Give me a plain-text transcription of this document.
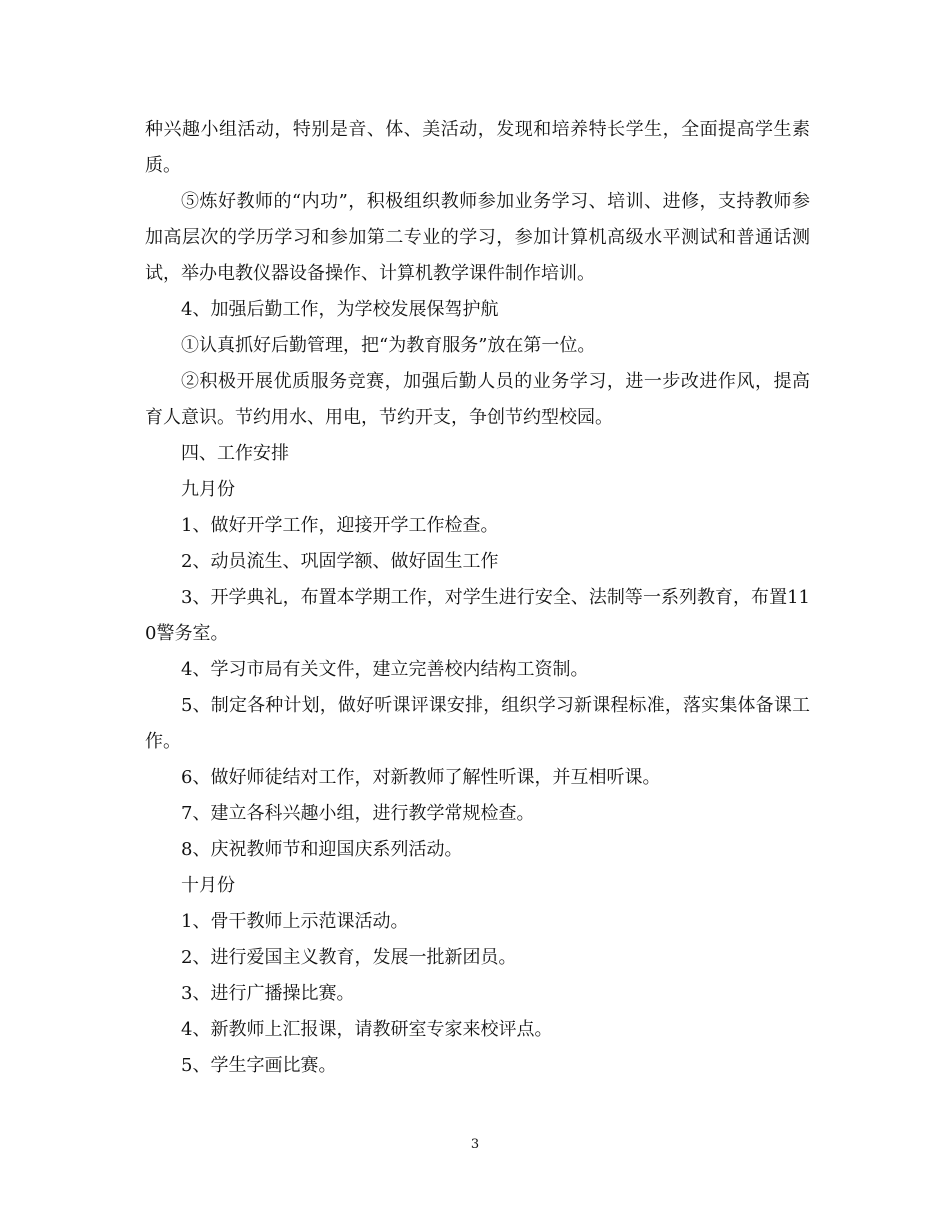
种兴趣小组活动，特别是音、体、美活动，发现和培养特长学生，全面提高学生素质。

⑤炼好教师的“内功”，积极组织教师参加业务学习、培训、进修，支持教师参加高层次的学历学习和参加第二专业的学习，参加计算机高级水平测试和普通话测试，举办电教仪器设备操作、计算机教学课件制作培训。

4、加强后勤工作，为学校发展保驾护航

①认真抓好后勤管理，把“为教育服务”放在第一位。

②积极开展优质服务竞赛，加强后勤人员的业务学习，进一步改进作风，提高育人意识。节约用水、用电，节约开支，争创节约型校园。

四、工作安排

九月份

1、做好开学工作，迎接开学工作检查。

2、动员流生、巩固学额、做好固生工作

3、开学典礼，布置本学期工作，对学生进行安全、法制等一系列教育，布置110警务室。

4、学习市局有关文件，建立完善校内结构工资制。

5、制定各种计划，做好听课评课安排，组织学习新课程标准，落实集体备课工作。

6、做好师徒结对工作，对新教师了解性听课，并互相听课。

7、建立各科兴趣小组，进行教学常规检查。

8、庆祝教师节和迎国庆系列活动。

十月份

1、骨干教师上示范课活动。

2、进行爱国主义教育，发展一批新团员。

3、进行广播操比赛。

4、新教师上汇报课，请教研室专家来校评点。

5、学生字画比赛。

3
